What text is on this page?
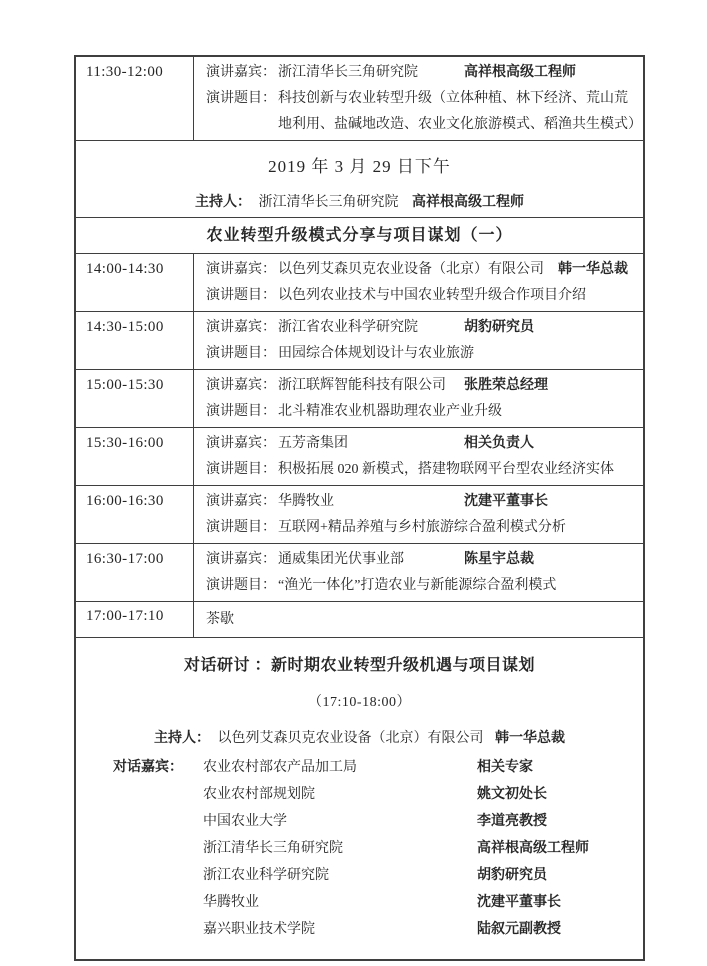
11:30-12:00	演讲嘉宾： 浙江清华长三角研究院	高祥根高级工程师
演讲题目： 科技创新与农业转型升级（立体种植、林下经济、荒山荒地利用、盐碱地改造、农业文化旅游模式、稻渔共生模式）
2019 年 3 月 29 日下午
主持人： 浙江清华长三角研究院 高祥根高级工程师
农业转型升级模式分享与项目谋划（一）
14:00-14:30	演讲嘉宾： 以色列艾森贝克农业设备（北京）有限公司 韩一华总裁
演讲题目： 以色列农业技术与中国农业转型升级合作项目介绍
14:30-15:00	演讲嘉宾： 浙江省农业科学研究院	胡豹研究员
演讲题目： 田园综合体规划设计与农业旅游
15:00-15:30	演讲嘉宾： 浙江联辉智能科技有限公司 张胜荣总经理
演讲题目： 北斗精准农业机器助理农业产业升级
15:30-16:00	演讲嘉宾： 五芳斋集团	相关负责人
演讲题目： 积极拓展 020 新模式，搭建物联网平台型农业经济实体
16:00-16:30	演讲嘉宾： 华腾牧业	沈建平董事长
演讲题目： 互联网+精品养殖与乡村旅游综合盈利模式分析
16:30-17:00	演讲嘉宾： 通威集团光伏事业部	陈星宇总裁
演讲题目： “渔光一体化”打造农业与新能源综合盈利模式
17:00-17:10	茶歇
对话研讨 ：新时期农业转型升级机遇与项目谋划
（17:10-18:00）
主持人： 以色列艾森贝克农业设备（北京）有限公司 韩一华总裁
对话嘉宾：	农业农村部农产品加工局	相关专家
农业农村部规划院	姚文初处长
中国农业大学	李道亮教授
浙江清华长三角研究院	高祥根高级工程师
浙江农业科学研究院	胡豹研究员
华腾牧业	沈建平董事长
嘉兴职业技术学院	陆叙元副教授
